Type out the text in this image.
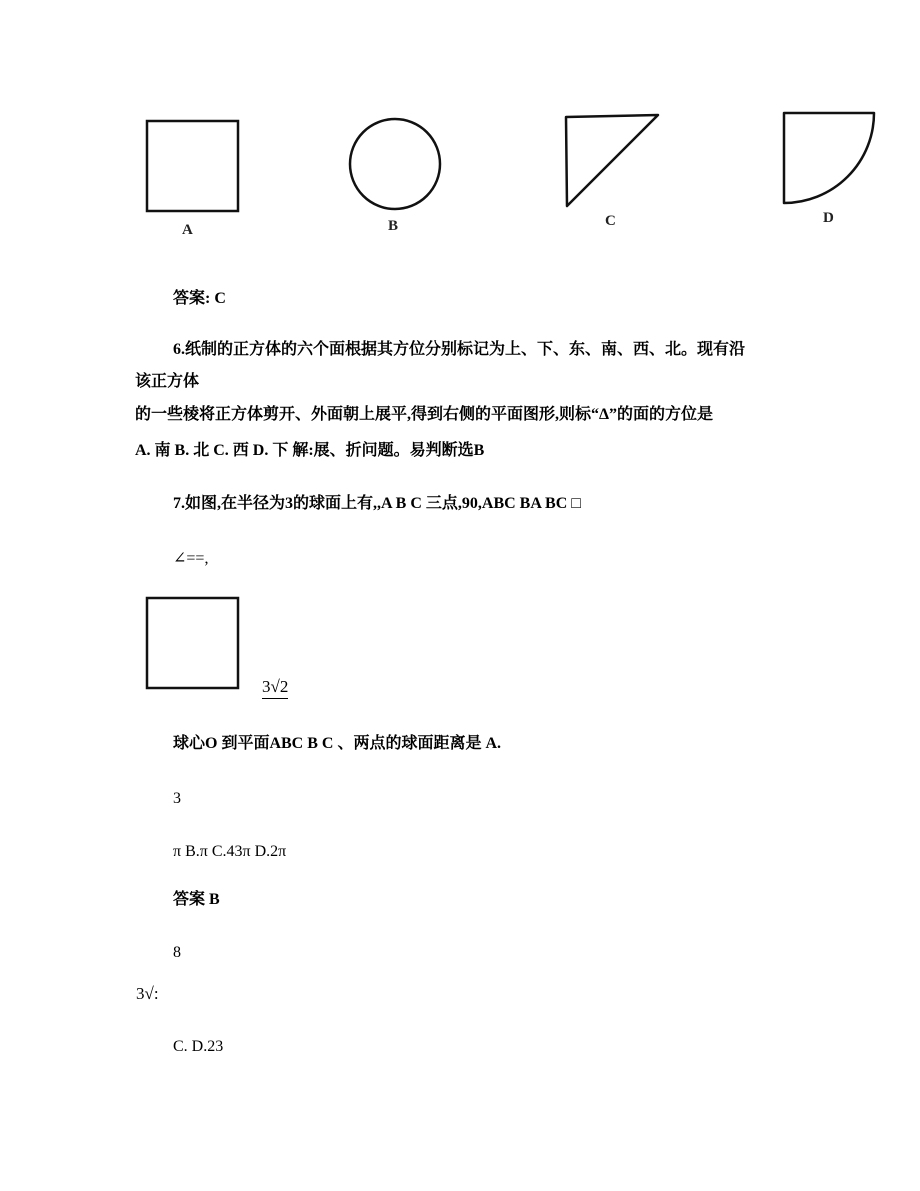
A	B	C	D
答案: C
6.纸制的正方体的六个面根据其方位分别标记为上、下、东、南、西、北。现有沿
该正方体
的一些棱将正方体剪开、外面朝上展平,得到右侧的平面图形,则标“Δ”的面的方位是
A. 南 B. 北 C. 西 D. 下 解:展、折问题。易判断选B
7.如图,在半径为3的球面上有,,A B C 三点,90,ABC BA BC □
∠==,
3√2
球心O 到平面ABC B C 、两点的球面距离是 A.
3
π B.π C.43π D.2π
答案 B
8
3√:
C. D.23
